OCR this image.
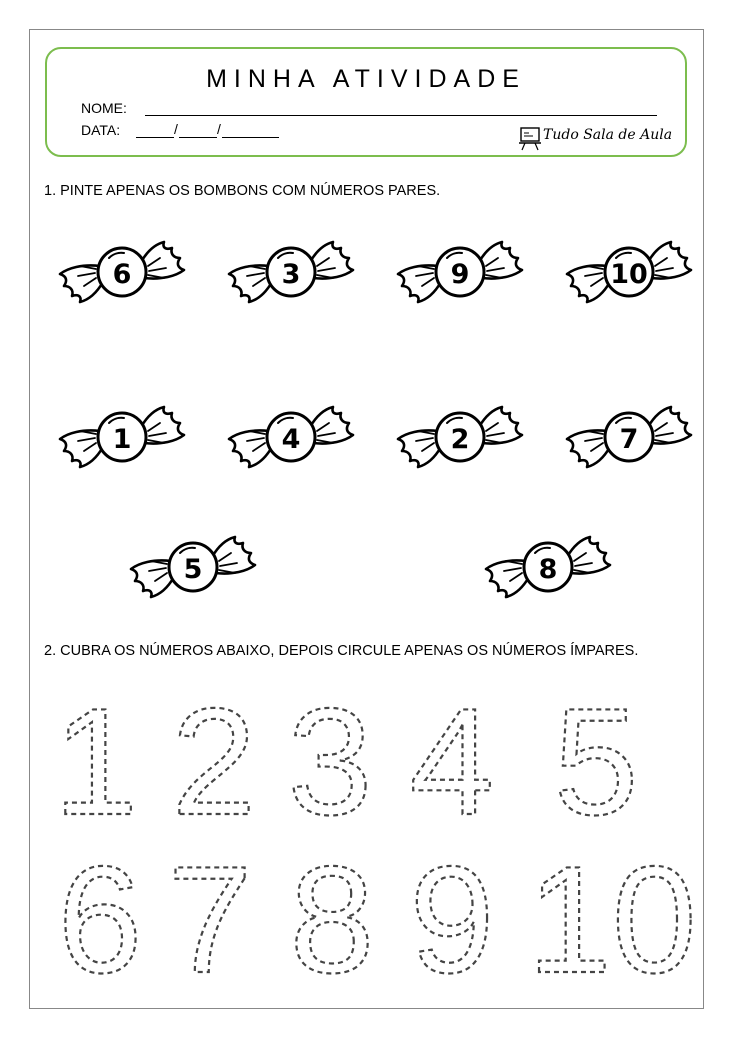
MINHA ATIVIDADE
NOME:
DATA:	/	/	Tudo Sala de Aula
1. PINTE APENAS OS BOMBONS COM NÚMEROS PARES.
6	3	9	10
1	4	2	7
5	8
2. CUBRA OS NÚMEROS ABAIXO, DEPOIS CIRCULE APENAS OS NÚMEROS ÍMPARES.
1 2 3 4 5
6 7 8 9 10
